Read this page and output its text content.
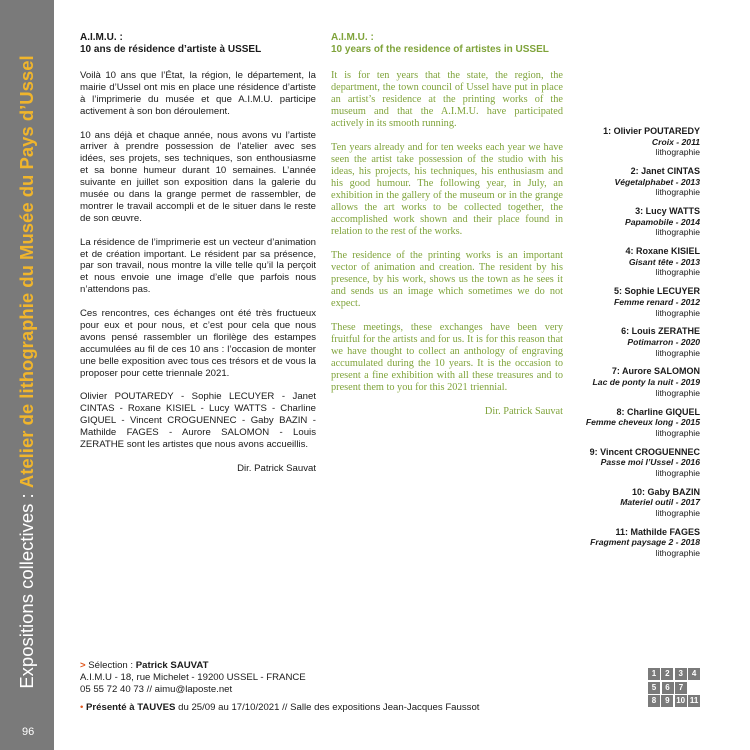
Expositions collectives : Atelier de lithographie du Musée du Pays d’Ussel
96
A.I.M.U. :
10 ans de résidence d’artiste à USSEL

Voilà 10 ans que l’État, la région, le département, la mairie d’Ussel ont mis en place une résidence d’artiste à l’imprimerie du musée et que A.I.M.U. participe activement à son bon déroulement.

10 ans déjà et chaque année, nous avons vu l’artiste arriver à prendre possession de l’atelier avec ses idées, ses projets, ses techniques, son enthousiasme et sa bonne humeur durant 10 semaines. L’année suivante en juillet son exposition dans la galerie du musée ou dans la grange permet de rassembler, de montrer le travail accompli et de le situer dans le reste de son œuvre.

La résidence de l’imprimerie est un vecteur d’animation et de création important. Le résident par sa présence, par son travail, nous montre la ville telle qu’il la perçoit et nous envoie une image d’elle que parfois nous n’attendons pas.

Ces rencontres, ces échanges ont été très fructueux pour eux et pour nous, et c’est pour cela que nous avons pensé rassembler un florilège des estampes accumulées au fil de ces 10 ans : l’occasion de monter une belle exposition avec tous ces trésors et de vous la proposer pour cette triennale 2021.

Olivier POUTAREDY - Sophie LECUYER - Janet CINTAS - Roxane KISIEL - Lucy WATTS - Charline GIQUEL - Vincent CROGUENNEC - Gaby BAZIN - Mathilde FAGES - Aurore SALOMON - Louis ZERATHE sont les artistes que nous avons accueillis.

Dir. Patrick Sauvat
A.I.M.U. :
10 years of the residence of artistes in USSEL

It is for ten years that the state, the region, the department, the town council of Ussel have put in place an artist’s residence at the printing works of the museum and that the A.I.M.U. have participated actively in its smooth running.

Ten years already and for ten weeks each year we have seen the artist take possession of the studio with his ideas, his projects, his techniques, his enthusiasm and his good humour. The following year, in July, an exhibition in the gallery of the museum or in the grange allows the art works to be collected together, the accomplished work shown and their place found in relation to the rest of the works.

The residence of the printing works is an important vector of animation and creation. The resident by his presence, by his work, shows us the town as he sees it and sends us an image which sometimes we do not expect.

These meetings, these exchanges have been very fruitful for the artists and for us. It is for this reason that we have thought to collect an anthology of engraving accumulated during the 10 years. It is the occasion to present a fine exhibition with all these treasures and to present them to you for this 2021 triennial.

Dir. Patrick Sauvat
1: Olivier POUTAREDY
Croix - 2011
lithographie
2: Janet CINTAS
Végetalphabet - 2013
lithographie
3: Lucy WATTS
Papamobile - 2014
lithographie
4: Roxane KISIEL
Gisant tête - 2013
lithographie
5: Sophie LECUYER
Femme renard - 2012
lithographie
6: Louis ZERATHE
Potimarron - 2020
lithographie
7: Aurore SALOMON
Lac de ponty la nuit - 2019
lithographie
8: Charline GIQUEL
Femme cheveux long - 2015
lithographie
9: Vincent CROGUENNEC
Passe moi l’Ussel - 2016
lithographie
10: Gaby BAZIN
Materiel outil - 2017
lithographie
11: Mathilde FAGES
Fragment paysage 2 - 2018
lithographie
> Sélection : Patrick SAUVAT
A.I.M.U - 18, rue Michelet - 19200 USSEL - FRANCE
05 55 72 40 73 // aimu@laposte.net
• Présenté à TAUVES du 25/09 au 17/10/2021 // Salle des expositions Jean-Jacques Faussot
1	2	3	4
5	6	7
8	9 10 11
